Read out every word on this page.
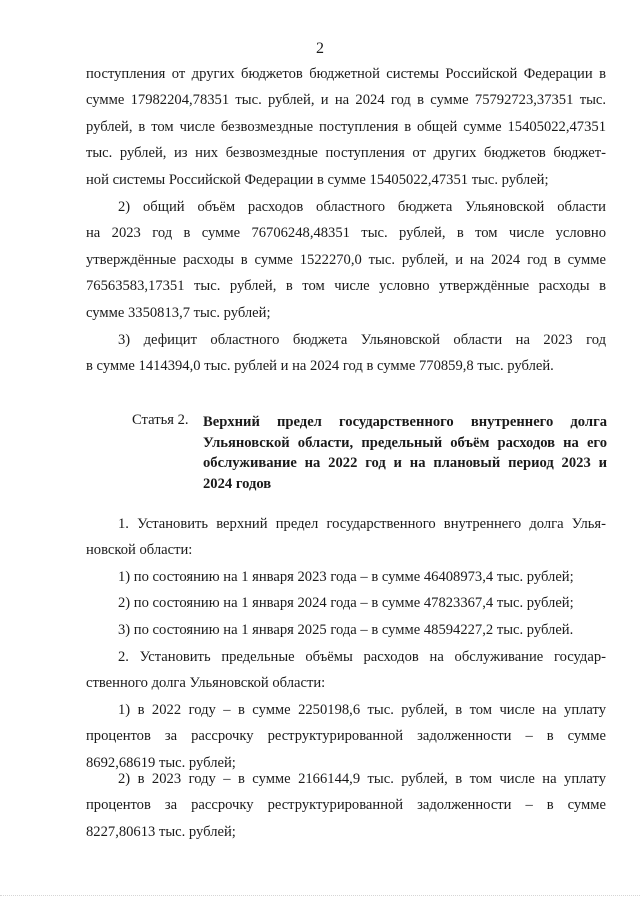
2
поступления от других бюджетов бюджетной системы Российской Федерации в
сумме 17982204,78351 тыс. рублей, и на 2024 год в сумме 75792723,37351 тыс.
рублей, в том числе безвозмездные поступления в общей сумме 15405022,47351
тыс. рублей, из них безвозмездные поступления от других бюджетов бюджет-
ной системы Российской Федерации в сумме 15405022,47351 тыс. рублей;
2) общий объём расходов областного бюджета Ульяновской области
на 2023 год в сумме 76706248,48351 тыс. рублей, в том числе условно
утверждённые расходы в сумме 1522270,0 тыс. рублей, и на 2024 год в сумме
76563583,17351 тыс. рублей, в том числе условно утверждённые расходы в
сумме 3350813,7 тыс. рублей;
3) дефицит областного бюджета Ульяновской области на 2023 год
в сумме 1414394,0 тыс. рублей и на 2024 год в сумме 770859,8 тыс. рублей.
Статья 2. Верхний предел государственного внутреннего долга
Ульяновской области, предельный объём расходов на его
обслуживание на 2022 год и на плановый период 2023 и
2024 годов
1. Установить верхний предел государственного внутреннего долга Улья-
новской области:
1) по состоянию на 1 января 2023 года – в сумме 46408973,4 тыс. рублей;
2) по состоянию на 1 января 2024 года – в сумме 47823367,4 тыс. рублей;
3) по состоянию на 1 января 2025 года – в сумме 48594227,2 тыс. рублей.
2. Установить предельные объёмы расходов на обслуживание государ-
ственного долга Ульяновской области:
1) в 2022 году – в сумме 2250198,6 тыс. рублей, в том числе на уплату
процентов за рассрочку реструктурированной задолженности – в сумме
8692,68619 тыс. рублей;
2) в 2023 году – в сумме 2166144,9 тыс. рублей, в том числе на уплату
процентов за рассрочку реструктурированной задолженности – в сумме
8227,80613 тыс. рублей;
